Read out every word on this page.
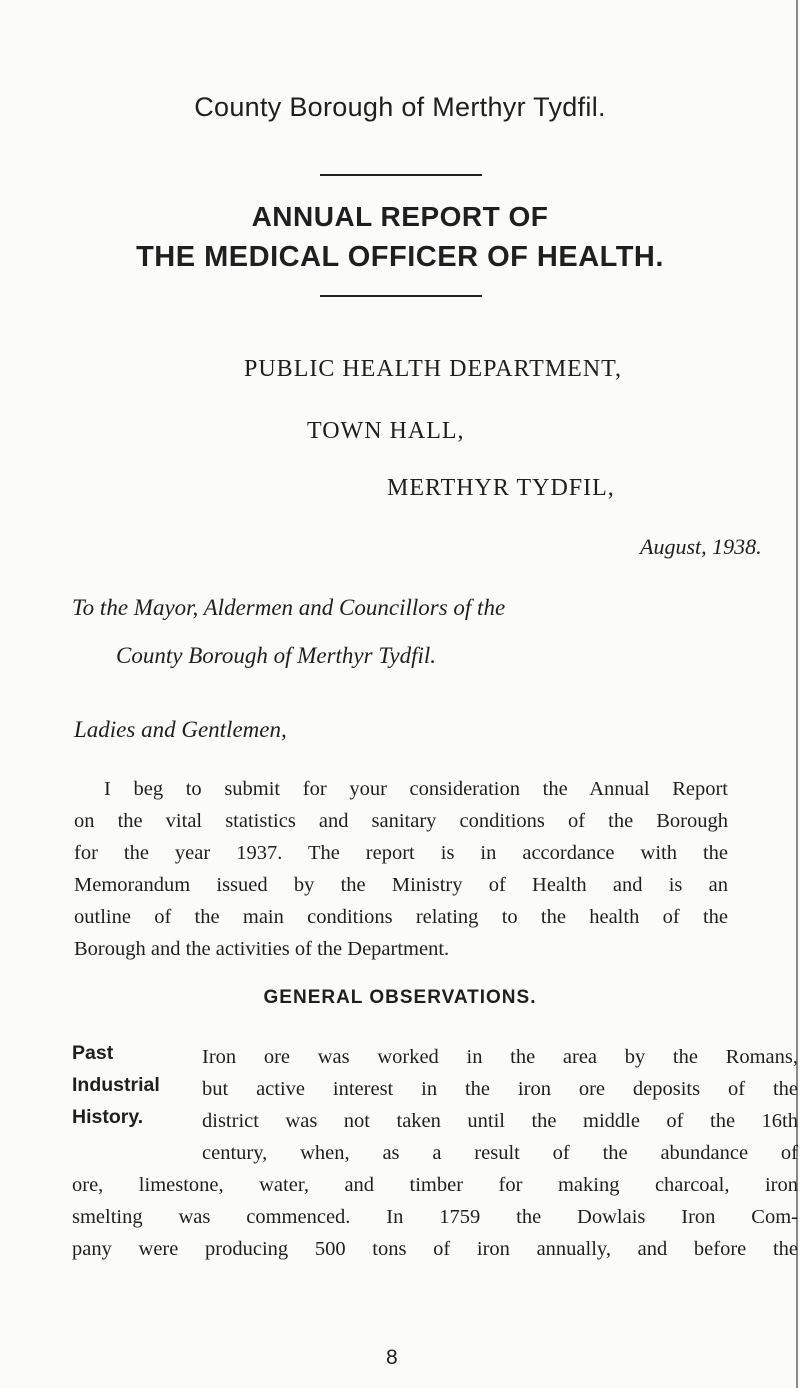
County Borough of Merthyr Tydfil.
ANNUAL REPORT OF
THE MEDICAL OFFICER OF HEALTH.
PUBLIC HEALTH DEPARTMENT,
TOWN HALL,
MERTHYR TYDFIL,
August, 1938.
To the Mayor, Aldermen and Councillors of the
County Borough of Merthyr Tydfil.
Ladies and Gentlemen,
I beg to submit for your consideration the Annual Report
on the vital statistics and sanitary conditions of the Borough
for the year 1937. The report is in accordance with the
Memorandum issued by the Ministry of Health and is an
outline of the main conditions relating to the health of the
Borough and the activities of the Department.
GENERAL OBSERVATIONS.
Past
Industrial
History.
Iron ore was worked in the area by the Romans,
but active interest in the iron ore deposits of the
district was not taken until the middle of the 16th
century, when, as a result of the abundance of
ore, limestone, water, and timber for making charcoal, iron
smelting was commenced. In 1759 the Dowlais Iron Com-
pany were producing 500 tons of iron annually, and before the
8
